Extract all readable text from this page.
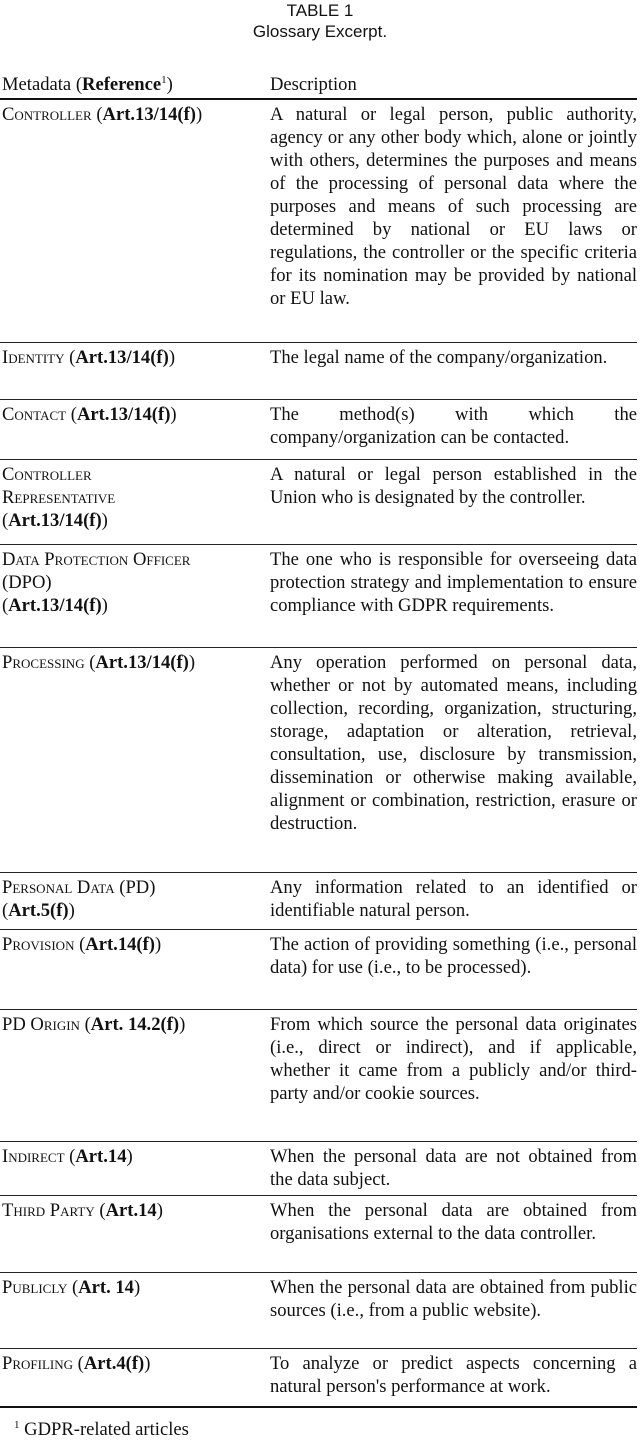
TABLE 1
Glossary Excerpt.
Metadata (Reference$^1$)	Description
Controller (Art.13/14(f))	A natural or legal person, public authority, agency or any other body which, alone or jointly with others, determines the purposes and means of the processing of personal data where the purposes and means of such processing are determined by national or EU laws or regulations, the controller or the specific criteria for its nomination may be provided by national or EU law.
Identity (Art.13/14(f))	The legal name of the company/organization.
Contact (Art.13/14(f))	The method(s) with which the company/organization can be contacted.
Controller Representative (Art.13/14(f))	A natural or legal person established in the Union who is designated by the controller.
Data Protection Officer (DPO) (Art.13/14(f))	The one who is responsible for overseeing data protection strategy and implementation to ensure compliance with GDPR requirements.
Processing (Art.13/14(f))	Any operation performed on personal data, whether or not by automated means, including collection, recording, organization, structuring, storage, adaptation or alteration, retrieval, consultation, use, disclosure by transmission, dissemination or otherwise making available, alignment or combination, restriction, erasure or destruction.
Personal Data (PD) (Art.5(f))	Any information related to an identified or identifiable natural person.
Provision (Art.14(f))	The action of providing something (i.e., personal data) for use (i.e., to be processed).
PD Origin (Art. 14.2(f))	From which source the personal data originates (i.e., direct or indirect), and if applicable, whether it came from a publicly and/or third-party and/or cookie sources.
Indirect (Art.14)	When the personal data are not obtained from the data subject.
Third Party (Art.14)	When the personal data are obtained from organisations external to the data controller.
Publicly (Art. 14)	When the personal data are obtained from public sources (i.e., from a public website).
Profiling (Art.4(f))	To analyze or predict aspects concerning a natural person's performance at work.
$^1$ GDPR-related articles
